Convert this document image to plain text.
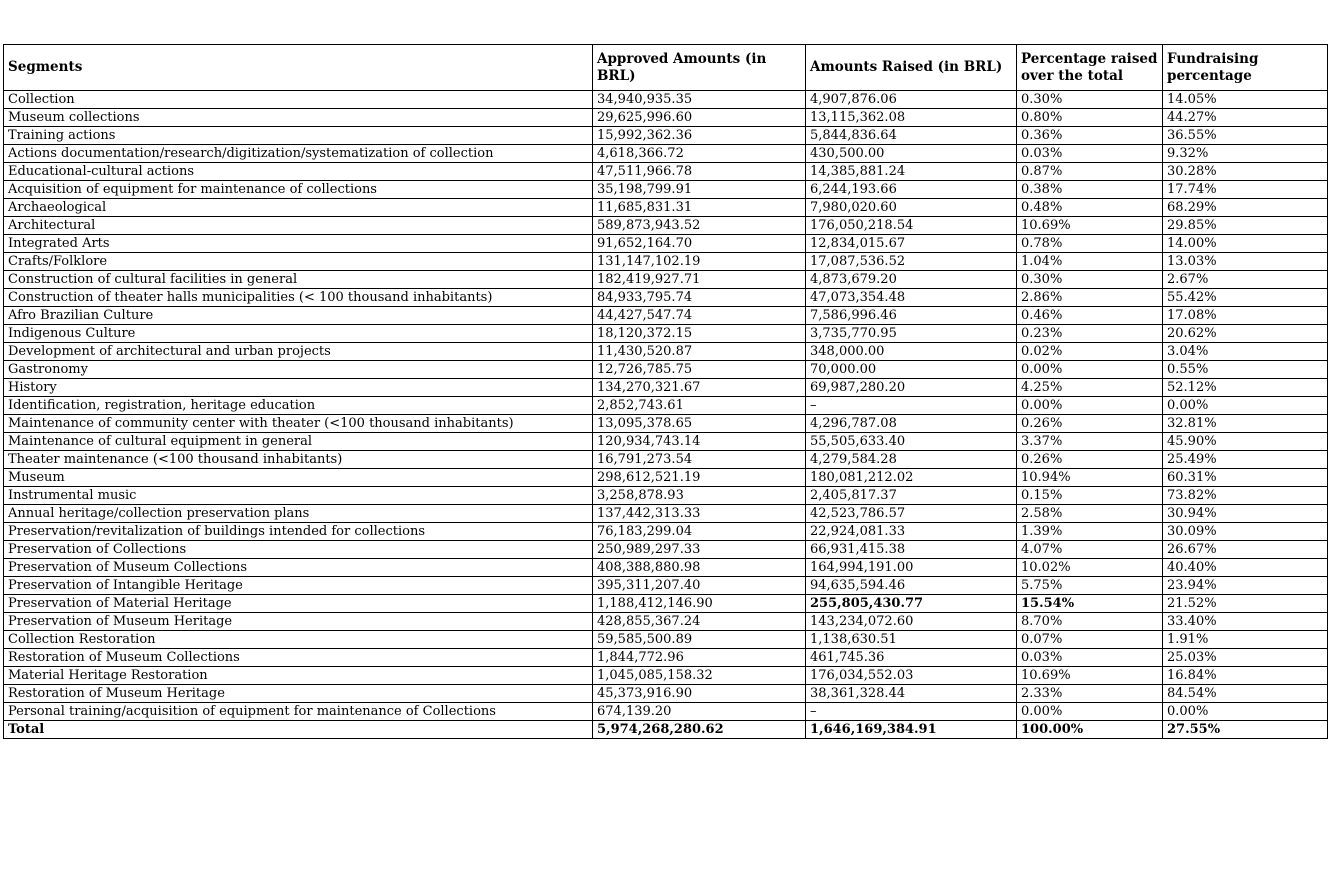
Segments	Approved Amounts (in BRL)	Amounts Raised (in BRL)	Percentage raised over the total	Fundraising percentage
Collection	34,940,935.35	4,907,876.06	0.30%	14.05%
Museum collections	29,625,996.60	13,115,362.08	0.80%	44.27%
Training actions	15,992,362.36	5,844,836.64	0.36%	36.55%
Actions documentation/research/digitization/systematization of collection	4,618,366.72	430,500.00	0.03%	9.32%
Educational-cultural actions	47,511,966.78	14,385,881.24	0.87%	30.28%
Acquisition of equipment for maintenance of collections	35,198,799.91	6,244,193.66	0.38%	17.74%
Archaeological	11,685,831.31	7,980,020.60	0.48%	68.29%
Architectural	589,873,943.52	176,050,218.54	10.69%	29.85%
Integrated Arts	91,652,164.70	12,834,015.67	0.78%	14.00%
Crafts/Folklore	131,147,102.19	17,087,536.52	1.04%	13.03%
Construction of cultural facilities in general	182,419,927.71	4,873,679.20	0.30%	2.67%
Construction of theater halls municipalities (< 100 thousand inhabitants)	84,933,795.74	47,073,354.48	2.86%	55.42%
Afro Brazilian Culture	44,427,547.74	7,586,996.46	0.46%	17.08%
Indigenous Culture	18,120,372.15	3,735,770.95	0.23%	20.62%
Development of architectural and urban projects	11,430,520.87	348,000.00	0.02%	3.04%
Gastronomy	12,726,785.75	70,000.00	0.00%	0.55%
History	134,270,321.67	69,987,280.20	4.25%	52.12%
Identification, registration, heritage education	2,852,743.61	–	0.00%	0.00%
Maintenance of community center with theater (<100 thousand inhabitants)	13,095,378.65	4,296,787.08	0.26%	32.81%
Maintenance of cultural equipment in general	120,934,743.14	55,505,633.40	3.37%	45.90%
Theater maintenance (<100 thousand inhabitants)	16,791,273.54	4,279,584.28	0.26%	25.49%
Museum	298,612,521.19	180,081,212.02	10.94%	60.31%
Instrumental music	3,258,878.93	2,405,817.37	0.15%	73.82%
Annual heritage/collection preservation plans	137,442,313.33	42,523,786.57	2.58%	30.94%
Preservation/revitalization of buildings intended for collections	76,183,299.04	22,924,081.33	1.39%	30.09%
Preservation of Collections	250,989,297.33	66,931,415.38	4.07%	26.67%
Preservation of Museum Collections	408,388,880.98	164,994,191.00	10.02%	40.40%
Preservation of Intangible Heritage	395,311,207.40	94,635,594.46	5.75%	23.94%
Preservation of Material Heritage	1,188,412,146.90	255,805,430.77	15.54%	21.52%
Preservation of Museum Heritage	428,855,367.24	143,234,072.60	8.70%	33.40%
Collection Restoration	59,585,500.89	1,138,630.51	0.07%	1.91%
Restoration of Museum Collections	1,844,772.96	461,745.36	0.03%	25.03%
Material Heritage Restoration	1,045,085,158.32	176,034,552.03	10.69%	16.84%
Restoration of Museum Heritage	45,373,916.90	38,361,328.44	2.33%	84.54%
Personal training/acquisition of equipment for maintenance of Collections	674,139.20	–	0.00%	0.00%
Total	5,974,268,280.62	1,646,169,384.91	100.00%	27.55%
